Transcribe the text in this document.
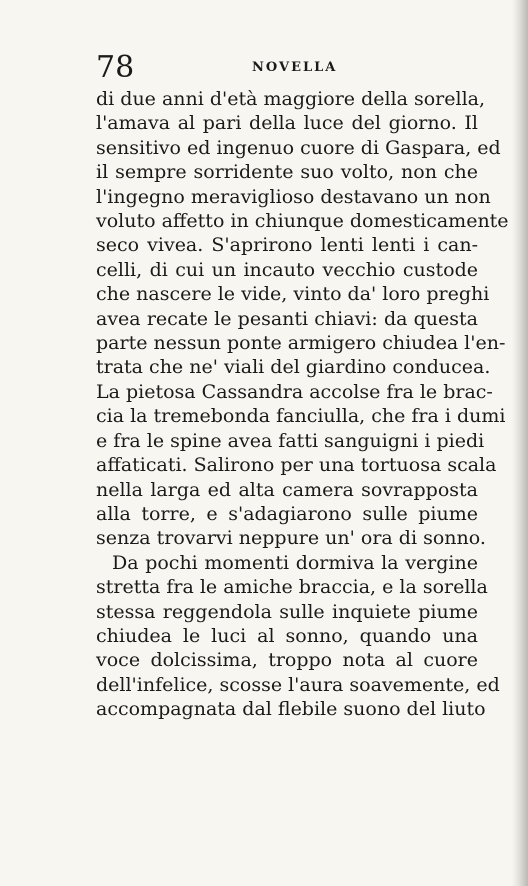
78	NOVELLA
di due anni d'età maggiore della sorella,
l'amava al pari della luce del giorno. Il
sensitivo ed ingenuo cuore di Gaspara, ed
il sempre sorridente suo volto, non che
l'ingegno meraviglioso destavano un non
voluto affetto in chiunque domesticamente
seco vivea. S'aprirono lenti lenti i can-
celli, di cui un incauto vecchio custode
che nascere le vide, vinto da' loro preghi
avea recate le pesanti chiavi: da questa
parte nessun ponte armigero chiudea l'en-
trata che ne' viali del giardino conducea.
La pietosa Cassandra accolse fra le brac-
cia la tremebonda fanciulla, che fra i dumi
e fra le spine avea fatti sanguigni i piedi
affaticati. Salirono per una tortuosa scala
nella larga ed alta camera sovrapposta
alla torre, e s'adagiarono sulle piume
senza trovarvi neppure un' ora di sonno.
Da pochi momenti dormiva la vergine
stretta fra le amiche braccia, e la sorella
stessa reggendola sulle inquiete piume
chiudea le luci al sonno, quando una
voce dolcissima, troppo nota al cuore
dell'infelice, scosse l'aura soavemente, ed
accompagnata dal flebile suono del liuto
